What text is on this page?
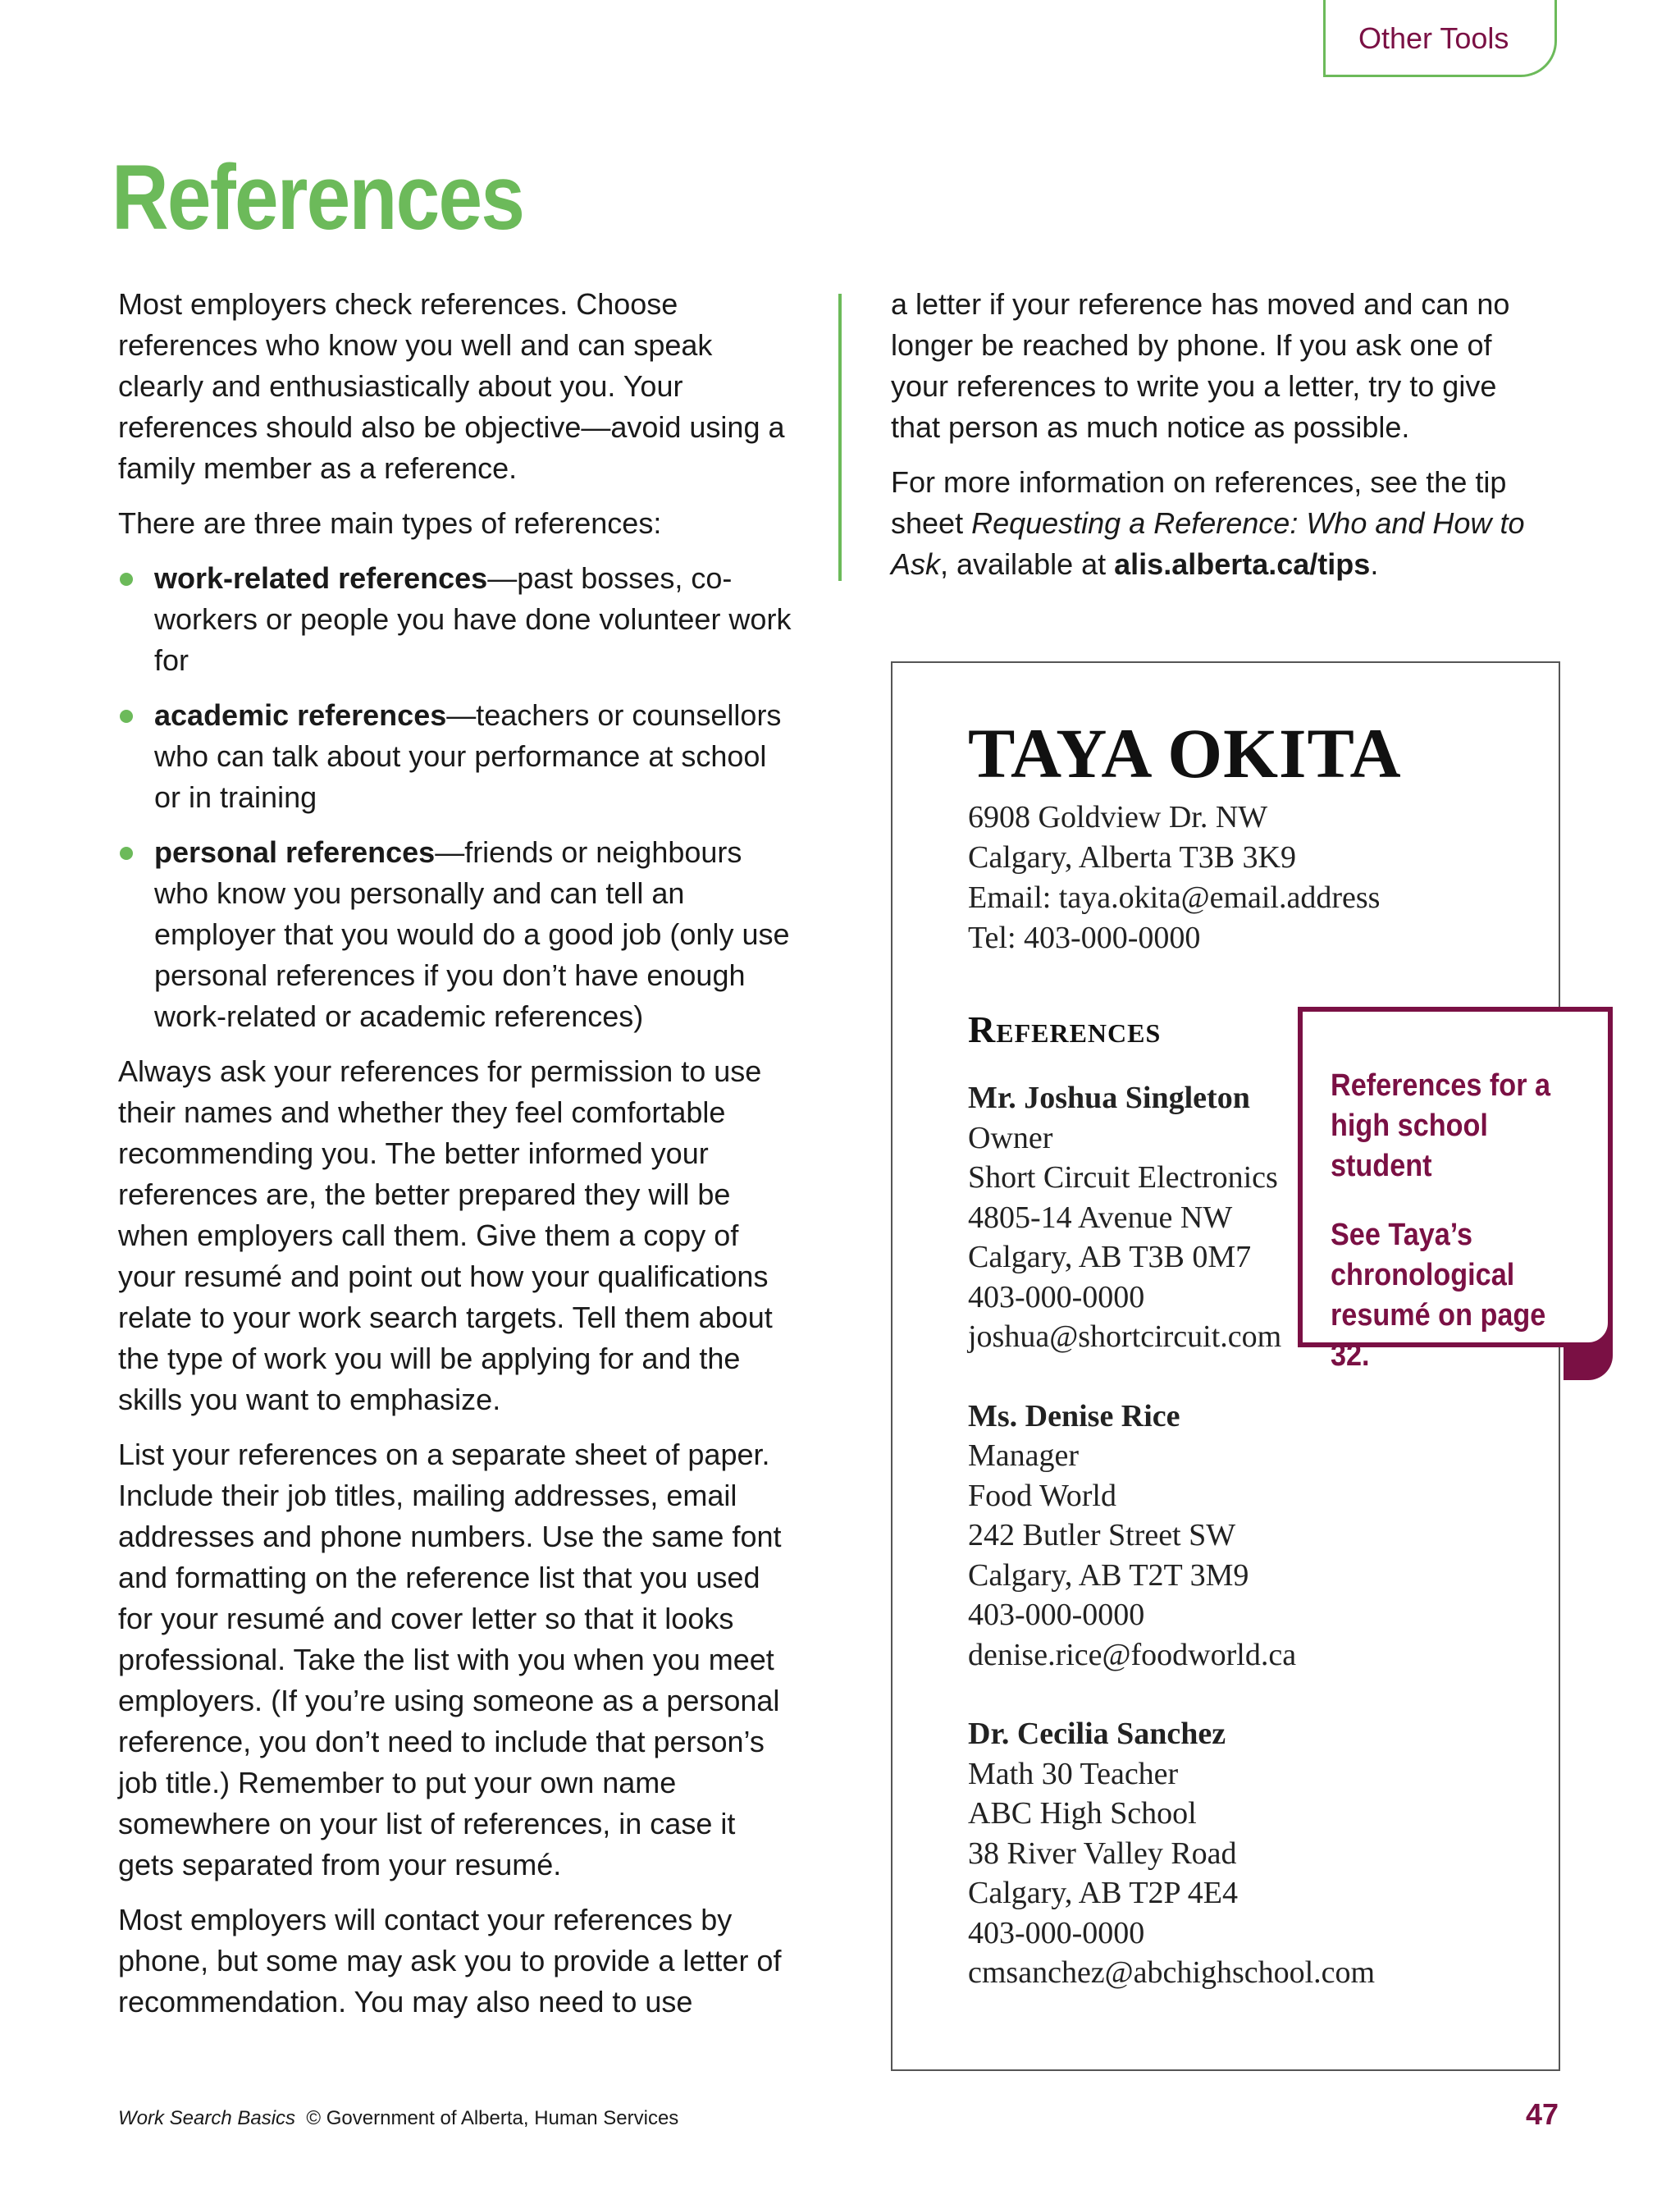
Other Tools
References

Most employers check references. Choose references who know you well and can speak clearly and enthusiastically about you. Your references should also be objective—avoid using a family member as a reference.

There are three main types of references:

work-related references—past bosses, co-workers or people you have done volunteer work for
academic references—teachers or counsellors who can talk about your performance at school or in training
personal references—friends or neighbours who know you personally and can tell an employer that you would do a good job (only use personal references if you don’t have enough work-related or academic references)

Always ask your references for permission to use their names and whether they feel comfortable recommending you. The better informed your references are, the better prepared they will be when employers call them. Give them a copy of your resumé and point out how your qualifications relate to your work search targets. Tell them about the type of work you will be applying for and the skills you want to emphasize.

List your references on a separate sheet of paper. Include their job titles, mailing addresses, email addresses and phone numbers. Use the same font and formatting on the reference list that you used for your resumé and cover letter so that it looks professional. Take the list with you when you meet employers. (If you’re using someone as a personal reference, you don’t need to include that person’s job title.) Remember to put your own name somewhere on your list of references, in case it gets separated from your resumé.

Most employers will contact your references by phone, but some may ask you to provide a letter of recommendation. You may also need to use

a letter if your reference has moved and can no longer be reached by phone. If you ask one of your references to write you a letter, try to give that person as much notice as possible.

For more information on references, see the tip sheet Requesting a Reference: Who and How to Ask, available at alis.alberta.ca/tips.

TAYA OKITA
6908 Goldview Dr. NW
Calgary, Alberta T3B 3K9
Email: taya.okita@email.address
Tel: 403-000-0000
References
Mr. Joshua Singleton
Owner
Short Circuit Electronics
4805-14 Avenue NW
Calgary, AB T3B 0M7
403-000-0000
joshua@shortcircuit.com
Ms. Denise Rice
Manager
Food World
242 Butler Street SW
Calgary, AB T2T 3M9
403-000-0000
denise.rice@foodworld.ca
Dr. Cecilia Sanchez
Math 30 Teacher
ABC High School
38 River Valley Road
Calgary, AB T2P 4E4
403-000-0000
cmsanchez@abchighschool.com
References for a high school student
See Taya’s chronological resumé on page 32.
Work Search Basics © Government of Alberta, Human Services	47
